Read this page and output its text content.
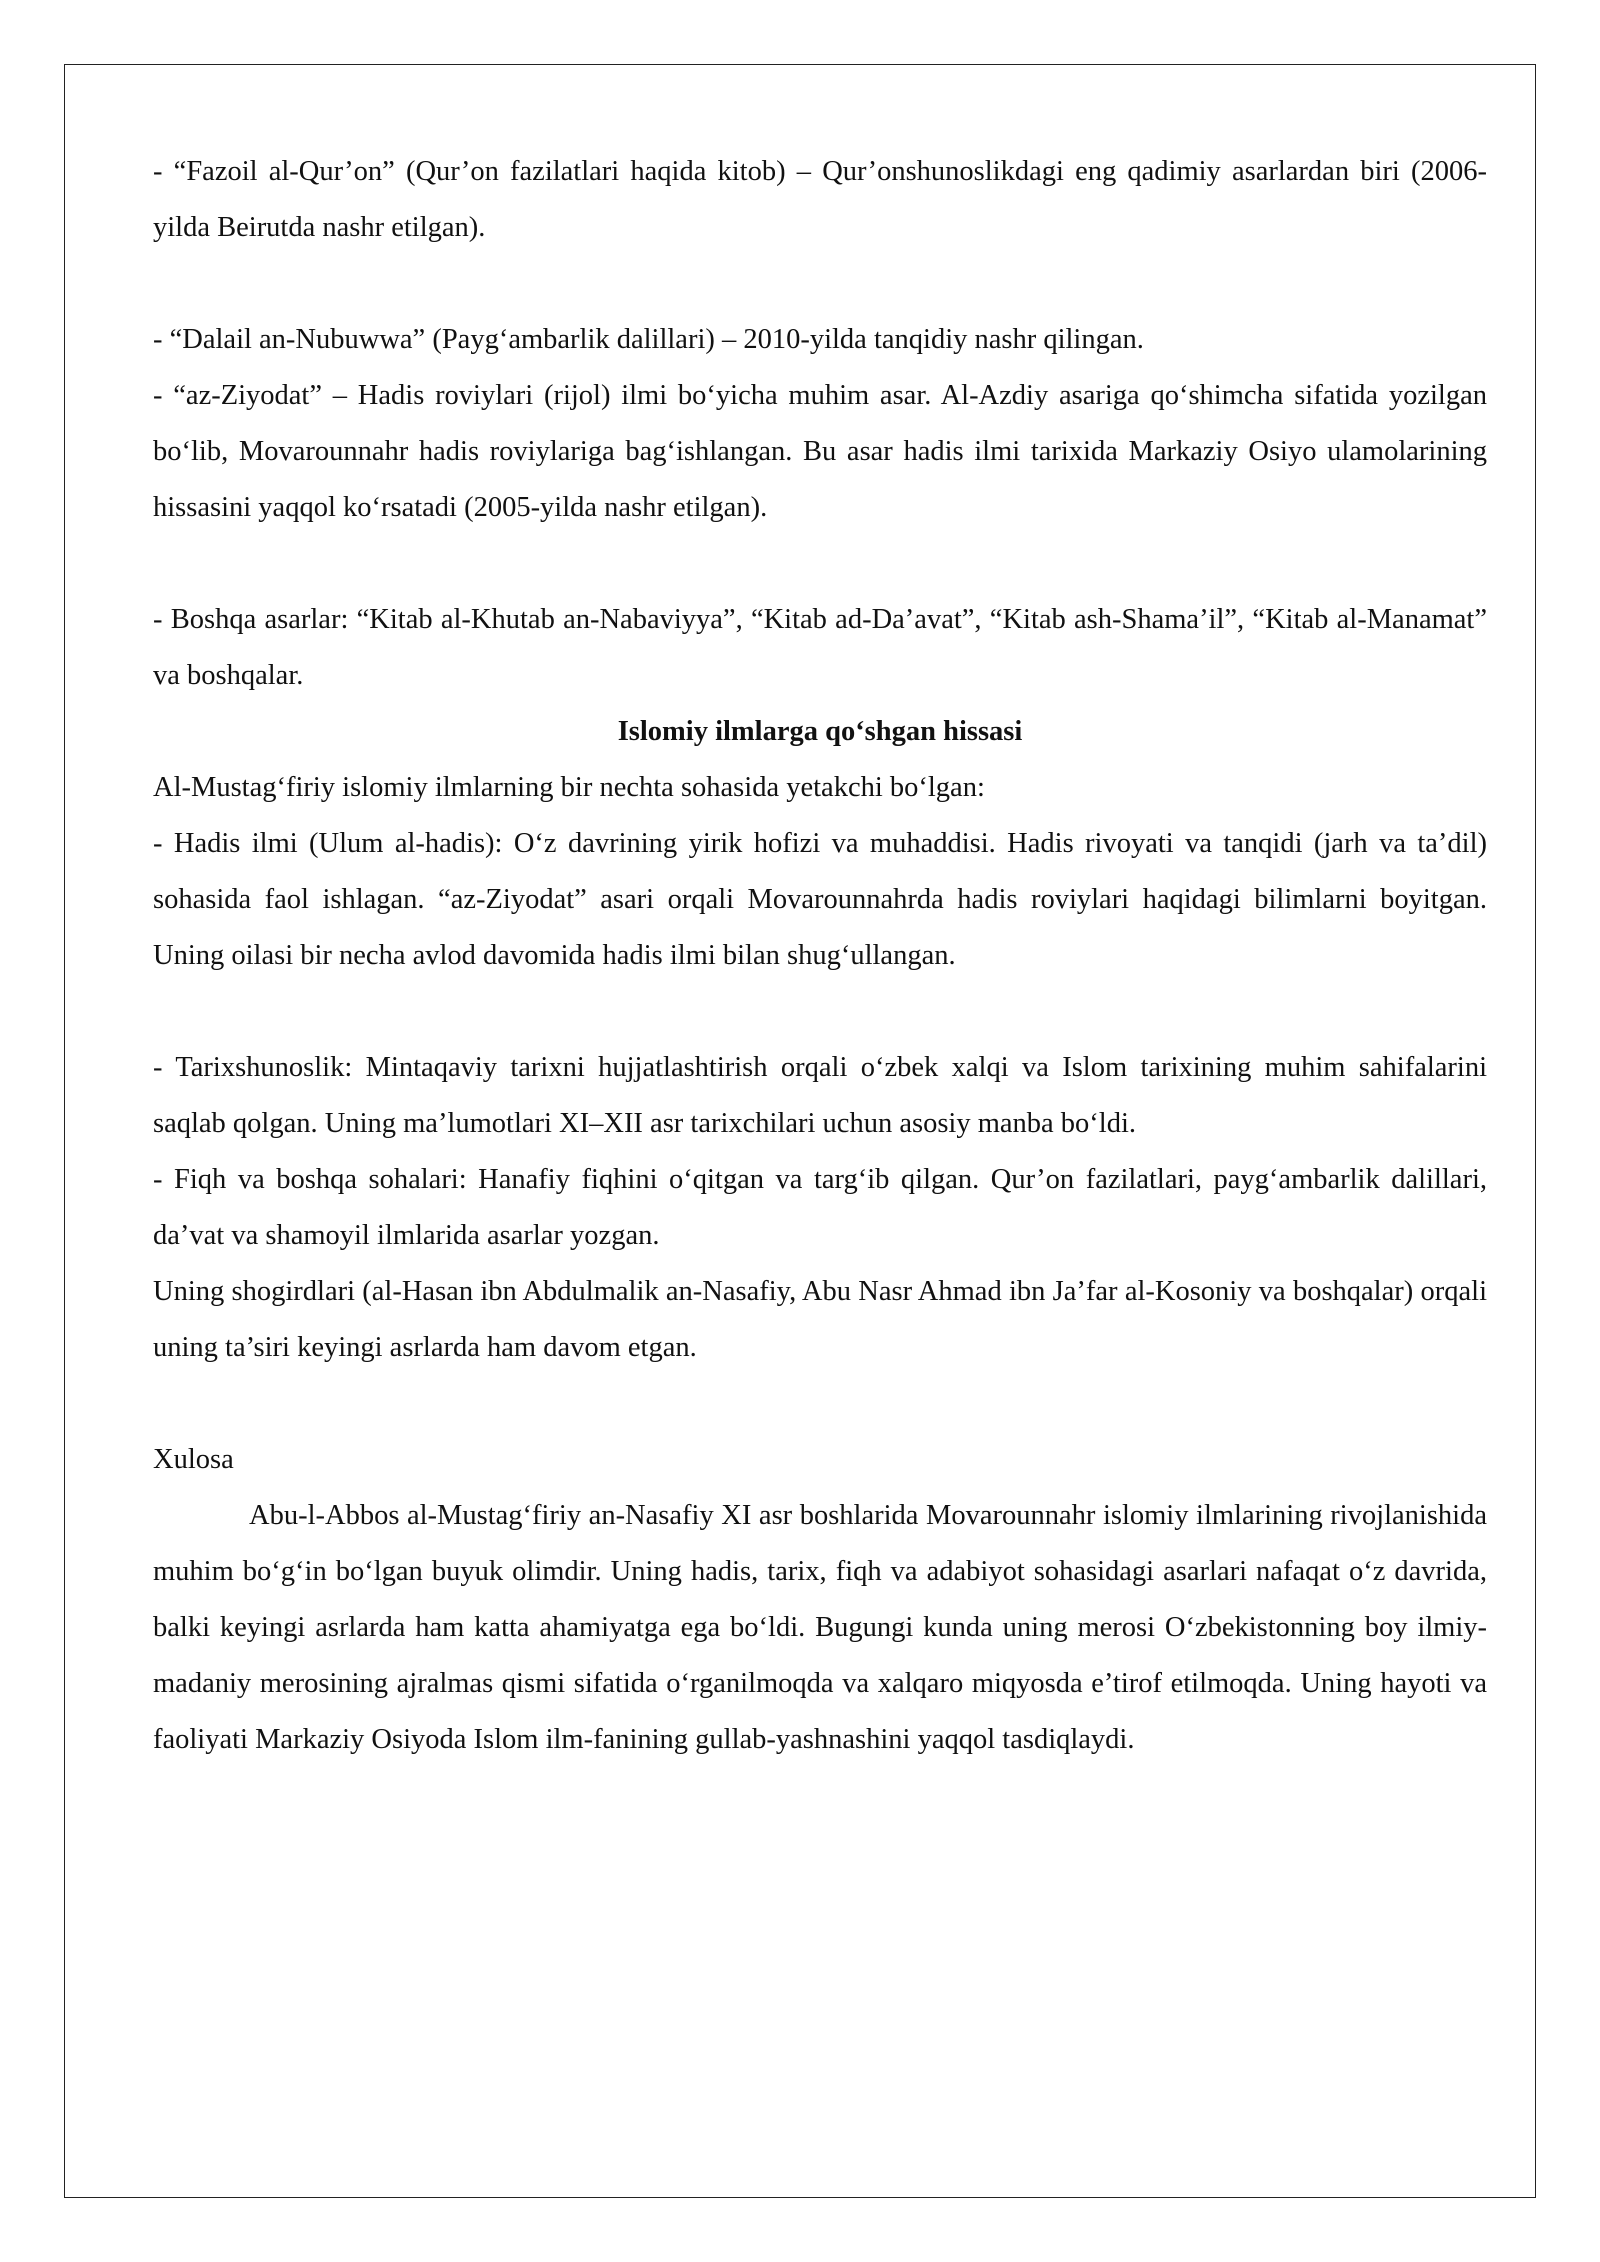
- “Fazoil al-Qur’on” (Qur’on fazilatlari haqida kitob) – Qur’onshunoslikdagi eng qadimiy asarlardan biri (2006-yilda Beirutda nashr etilgan).

- “Dalail an-Nubuwwa” (Payg‘ambarlik dalillari) – 2010-yilda tanqidiy nashr qilingan.

- “az-Ziyodat” – Hadis roviylari (rijol) ilmi bo‘yicha muhim asar. Al-Azdiy asariga qo‘shimcha sifatida yozilgan bo‘lib, Movarounnahr hadis roviylariga bag‘ishlangan. Bu asar hadis ilmi tarixida Markaziy Osiyo ulamolarining hissasini yaqqol ko‘rsatadi (2005-yilda nashr etilgan).

- Boshqa asarlar: “Kitab al-Khutab an-Nabaviyya”, “Kitab ad-Da’avat”, “Kitab ash-Shama’il”, “Kitab al-Manamat” va boshqalar.

Islomiy ilmlarga qo‘shgan hissasi

Al-Mustag‘firiy islomiy ilmlarning bir nechta sohasida yetakchi bo‘lgan:

- Hadis ilmi (Ulum al-hadis): O‘z davrining yirik hofizi va muhaddisi. Hadis rivoyati va tanqidi (jarh va ta’dil) sohasida faol ishlagan. “az-Ziyodat” asari orqali Movarounnahrda hadis roviylari haqidagi bilimlarni boyitgan. Uning oilasi bir necha avlod davomida hadis ilmi bilan shug‘ullangan.

- Tarixshunoslik: Mintaqaviy tarixni hujjatlashtirish orqali o‘zbek xalqi va Islom tarixining muhim sahifalarini saqlab qolgan. Uning ma’lumotlari XI–XII asr tarixchilari uchun asosiy manba bo‘ldi.

- Fiqh va boshqa sohalari: Hanafiy fiqhini o‘qitgan va targ‘ib qilgan. Qur’on fazilatlari, payg‘ambarlik dalillari, da’vat va shamoyil ilmlarida asarlar yozgan.

Uning shogirdlari (al-Hasan ibn Abdulmalik an-Nasafiy, Abu Nasr Ahmad ibn Ja’far al-Kosoniy va boshqalar) orqali uning ta’siri keyingi asrlarda ham davom etgan.

Xulosa

Abu-l-Abbos al-Mustag‘firiy an-Nasafiy XI asr boshlarida Movarounnahr islomiy ilmlarining rivojlanishida muhim bo‘g‘in bo‘lgan buyuk olimdir. Uning hadis, tarix, fiqh va adabiyot sohasidagi asarlari nafaqat o‘z davrida, balki keyingi asrlarda ham katta ahamiyatga ega bo‘ldi. Bugungi kunda uning merosi O‘zbekistonning boy ilmiy-madaniy merosining ajralmas qismi sifatida o‘rganilmoqda va xalqaro miqyosda e’tirof etilmoqda. Uning hayoti va faoliyati Markaziy Osiyoda Islom ilm-fanining gullab-yashnashini yaqqol tasdiqlaydi.
